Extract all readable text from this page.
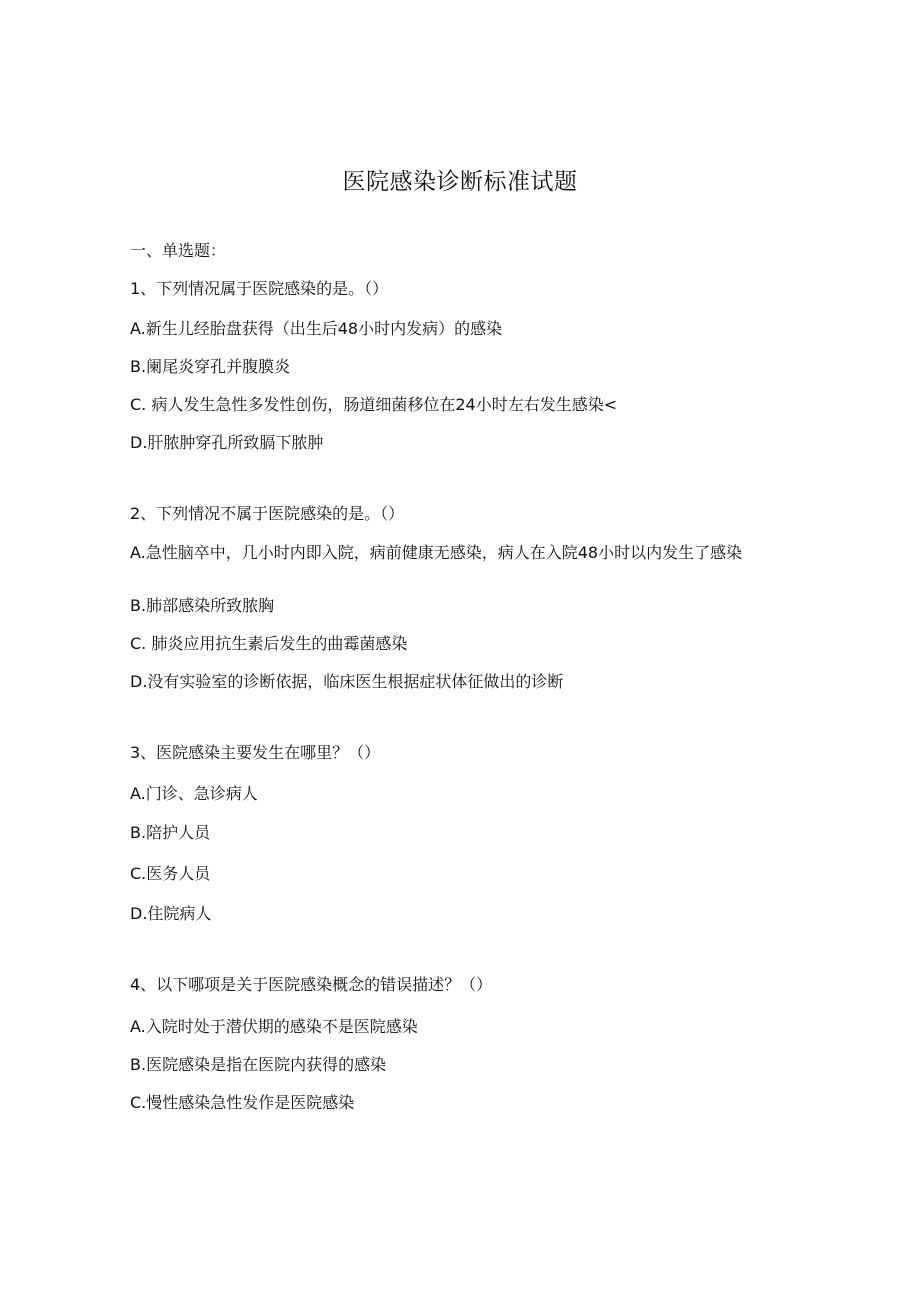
医院感染诊断标准试题
一、单选题：
1、下列情况属于医院感染的是。（）
A.新生儿经胎盘获得（出生后48小时内发病）的感染
B.阑尾炎穿孔并腹膜炎
C. 病人发生急性多发性创伤，肠道细菌移位在24小时左右发生感染<
D.肝脓肿穿孔所致膈下脓肿
2、下列情况不属于医院感染的是。（）
A.急性脑卒中，几小时内即入院，病前健康无感染，病人在入院48小时以内发生了感染
B.肺部感染所致脓胸
C. 肺炎应用抗生素后发生的曲霉菌感染
D.没有实验室的诊断依据，临床医生根据症状体征做出的诊断
3、医院感染主要发生在哪里？（）
A.门诊、急诊病人
B.陪护人员
C.医务人员
D.住院病人
4、以下哪项是关于医院感染概念的错误描述？（）
A.入院时处于潜伏期的感染不是医院感染
B.医院感染是指在医院内获得的感染
C.慢性感染急性发作是医院感染
